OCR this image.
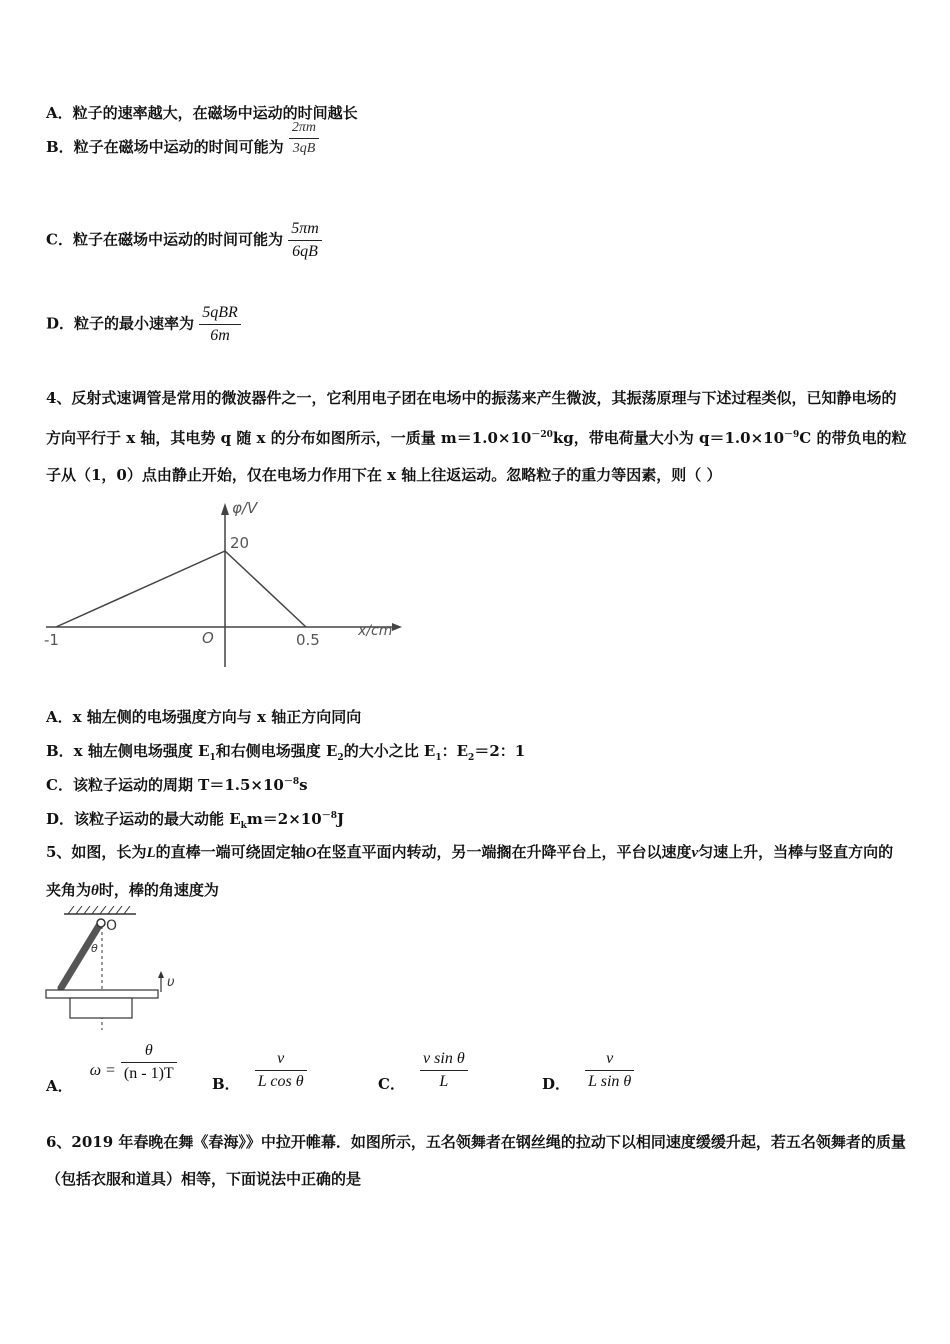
A．粒子的速率越大，在磁场中运动的时间越长
B．粒子在磁场中运动的时间可能为 $\frac{2\pi m}{3qB}$
C．粒子在磁场中运动的时间可能为 $\frac{5\pi m}{6qB}$
D．粒子的最小速率为 $\frac{\text{5qBR}}{6m}$
4、反射式速调管是常用的微波器件之一，它利用电子团在电场中的振荡来产生微波，其振荡原理与下述过程类似，已知静电场的方向平行于 x 轴，其电势 q 随 x 的分布如图所示，一质量 $m=1.0\times 10^{-20}kg$，带电荷量大小为 $q=1.0\times 10^{-9}C$ 的带负电的粒子从（1，0）点由静止开始，仅在电场力作用下在 x 轴上往返运动。忽略粒子的重力等因素，则（ ）
φ/V
20
x/cm
O
-1	0.5
A．x 轴左侧的电场强度方向与 x 轴正方向同向
B．x 轴左侧电场强度 $E_1$和右侧电场强度 $E_2$的大小之比 $E_1$：$E_2=2$：1
C．该粒子运动的周期 $T=1.5\times 10^{-8}s$
D．该粒子运动的最大动能 $E_km=2\times 10^{-8}J$
5、如图，长为L的直棒一端可绕固定轴O在竖直平面内转动，另一端搁在升降平台上，平台以速度v匀速上升，当棒与竖直方向的夹角为θ时，棒的角速度为
O
θ
υ
A． $\omega = \frac{\theta}{(n - 1)T}$
B． $\frac{v}{\text{L cos θ}}$	C． $\frac{\text{v sin θ}}{L}$	D． $\frac{v}{\text{L sin θ}}$
6、2019 年春晚在舞《春海》》中拉开帷幕．如图所示，五名领舞者在钢丝绳的拉动下以相同速度缓缓升起，若五名领舞者的质量（包括衣服和道具）相等，下面说法中正确的是
